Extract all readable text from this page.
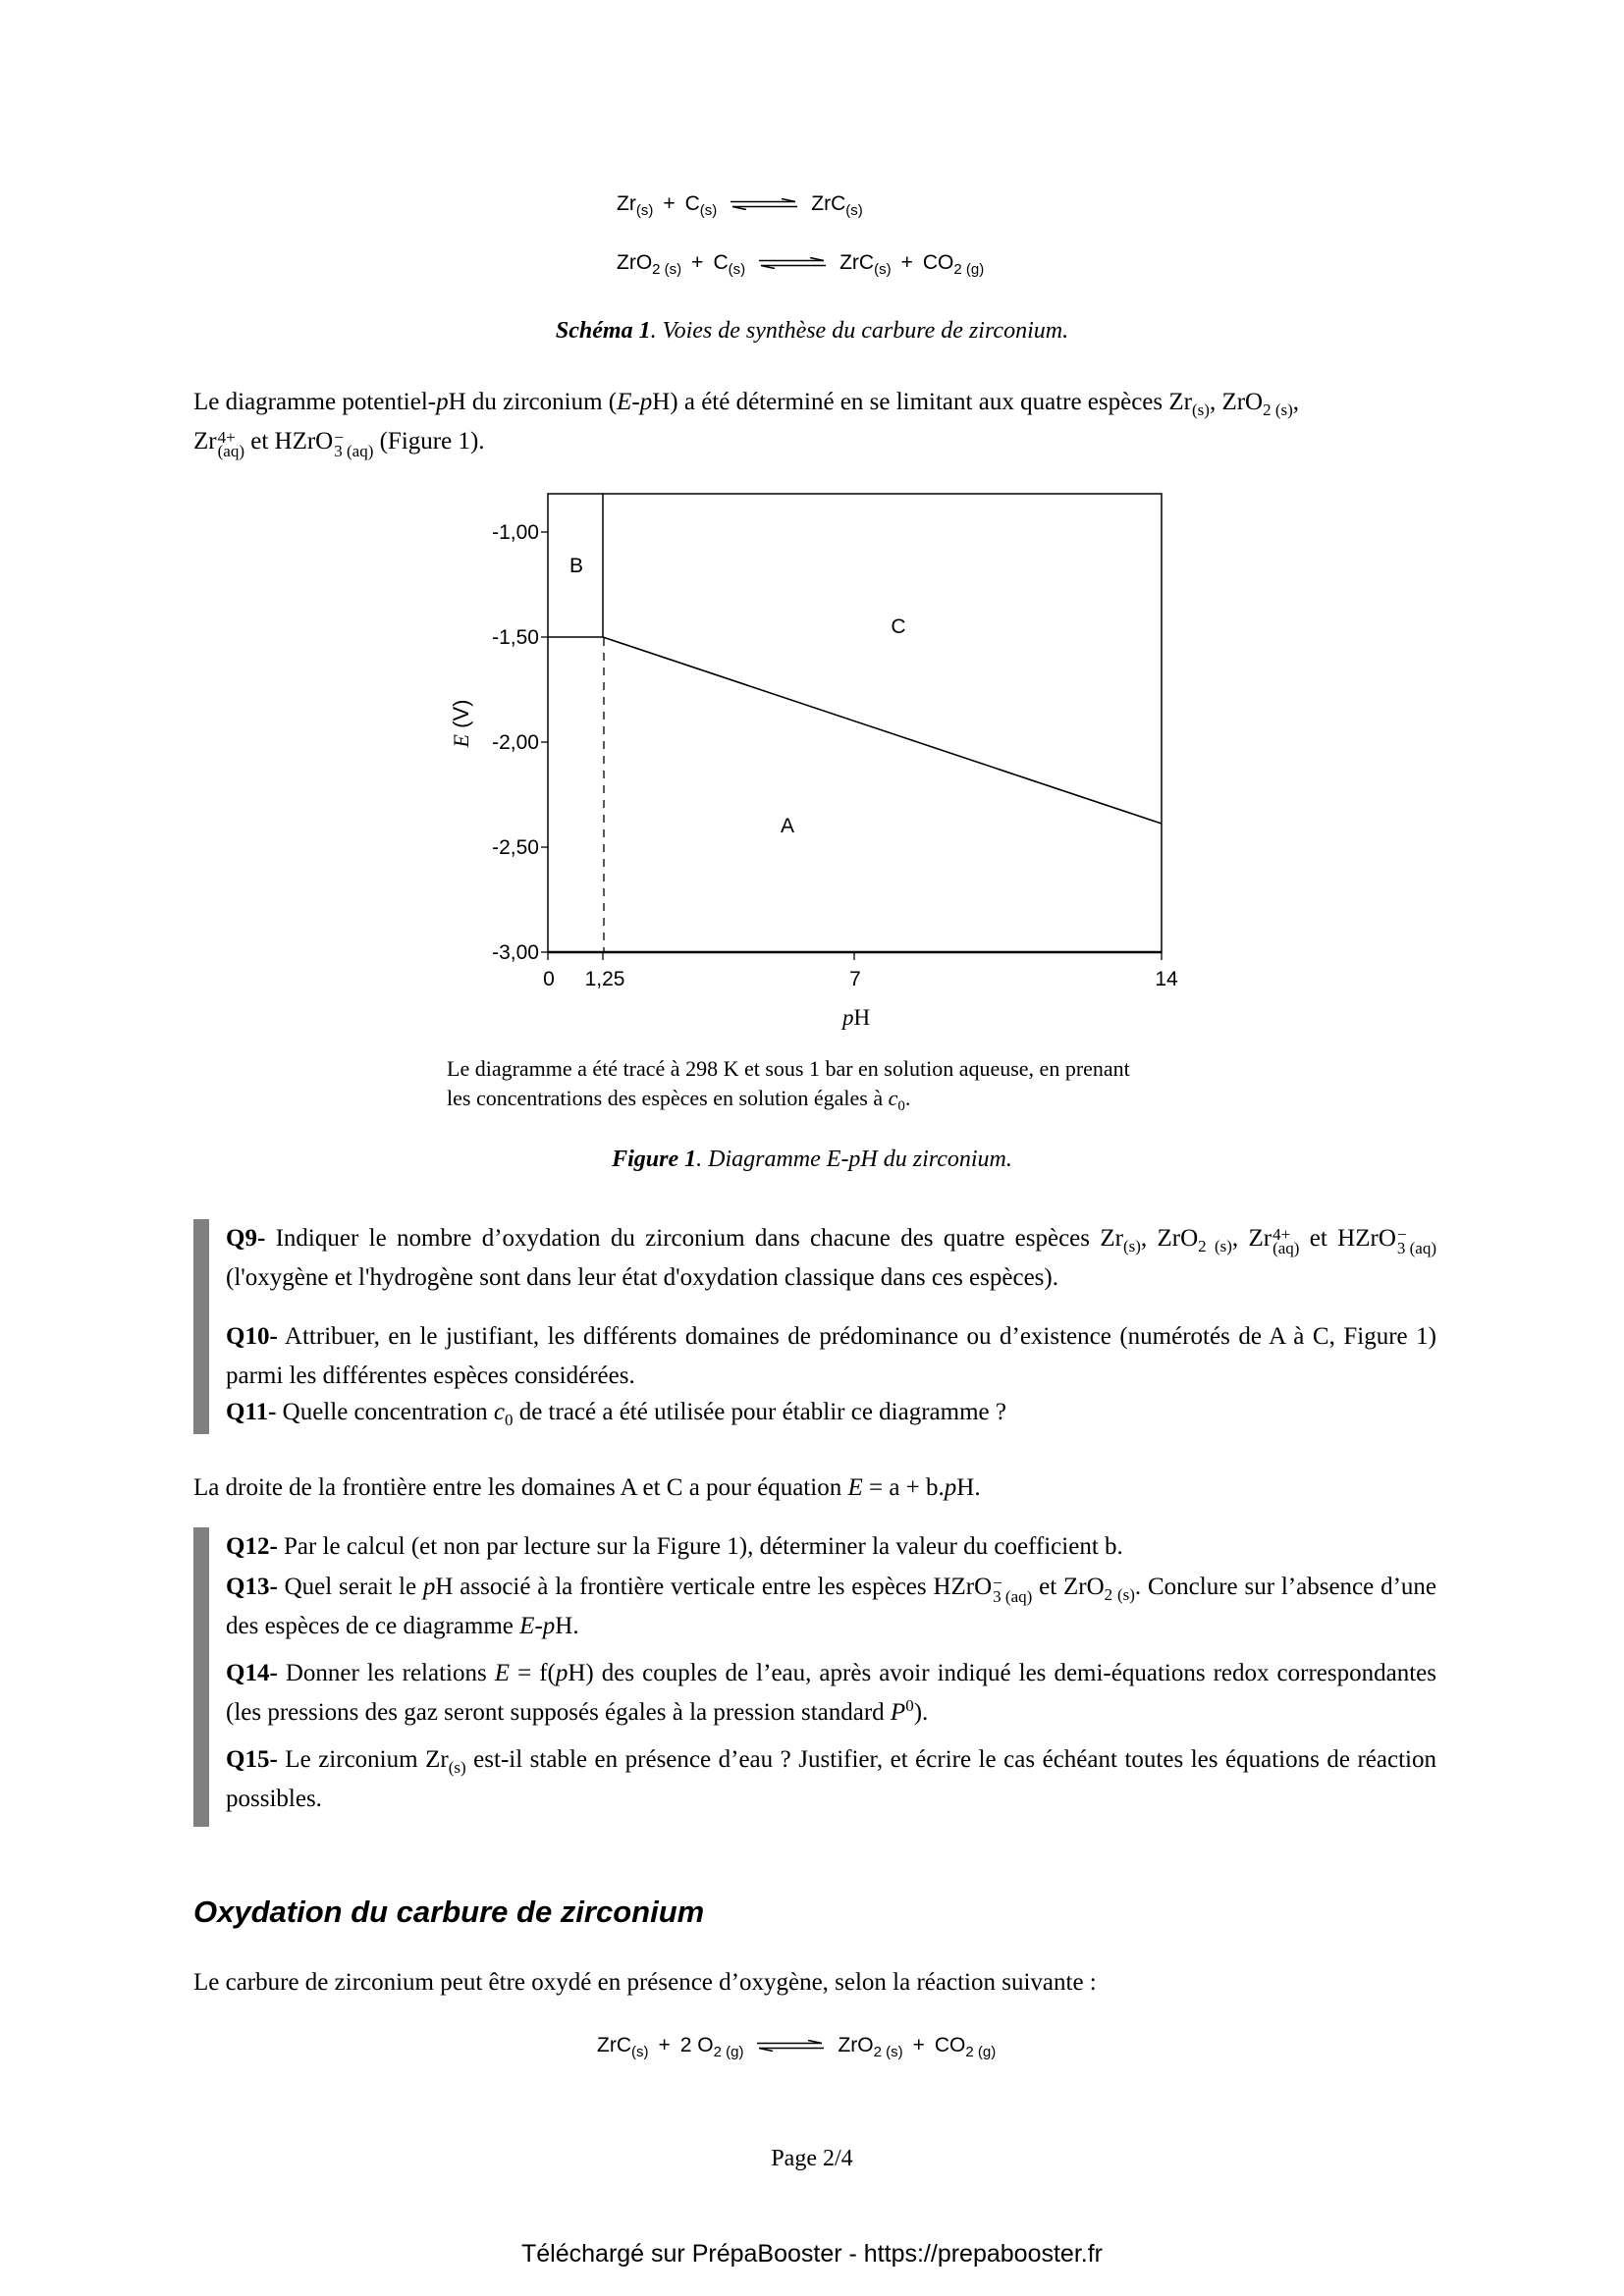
$Zr_{(s)} + C_{(s)}$ ⇌ ZrC$_{(s)}$
$ZrO_{2 (s)} + C_{(s)}$ ⇌ $ZrC_{(s)} + CO_{2 (g)}$
Schéma 1. Voies de synthèse du carbure de zirconium.
Le diagramme potentiel-pH du zirconium (E-pH) a été déterminé en se limitant aux quatre espèces $Zr_{(s)}$, ZrO$_{2 (s)}$,
Zr 4+
(aq) et HZrO −
3 (aq) (Figure 1).
-1,00
-1,50
-2,00
-2,50
-3,00
0 1,25	7	14
pH
E (V)
B
C
A
Le diagramme a été tracé à 298 K et sous 1 bar en solution aqueuse, en prenant
les concentrations des espèces en solution égales à $c_0$.
Figure 1. Diagramme E-pH du zirconium.
Q9- Indiquer le nombre d’oxydation du zirconium dans chacune des quatre espèces $Zr_{(s)}$, ZrO$_{2 (s)}$, Zr 4+
(aq) et HZrO −
3 (aq)
(l'oxygène et l'hydrogène sont dans leur état d'oxydation classique dans ces espèces).
Q10- Attribuer, en le justifiant, les différents domaines de prédominance ou d’existence (numérotés de A à C, Figure 1) parmi les différentes espèces considérées.
Q11- Quelle concentration $c_0$ de tracé a été utilisée pour établir ce diagramme ?
La droite de la frontière entre les domaines A et C a pour équation E = a + b.pH.
Q12- Par le calcul (et non par lecture sur la Figure 1), déterminer la valeur du coefficient b.
Q13- Quel serait le pH associé à la frontière verticale entre les espèces HZrO −
3 (aq) et ZrO$_{2 (s)}$. Conclure sur l’absence d’une des espèces de ce diagramme E-pH.
Q14- Donner les relations E = f(pH) des couples de l’eau, après avoir indiqué les demi-équations redox correspondantes (les pressions des gaz seront supposés égales à la pression standard $P^0$).
Q15- Le zirconium $Zr_{(s)}$ est-il stable en présence d’eau ? Justifier, et écrire le cas échéant toutes les équations de réaction possibles.
Oxydation du carbure de zirconium
Le carbure de zirconium peut être oxydé en présence d’oxygène, selon la réaction suivante :
ZrC$_{(s)}$ + 2 $O_{2 (g)}$ ⇌ $ZrO_{2 (s)} + CO_{2 (g)}$
Page 2/4
Téléchargé sur PrépaBooster - https://prepabooster.fr
